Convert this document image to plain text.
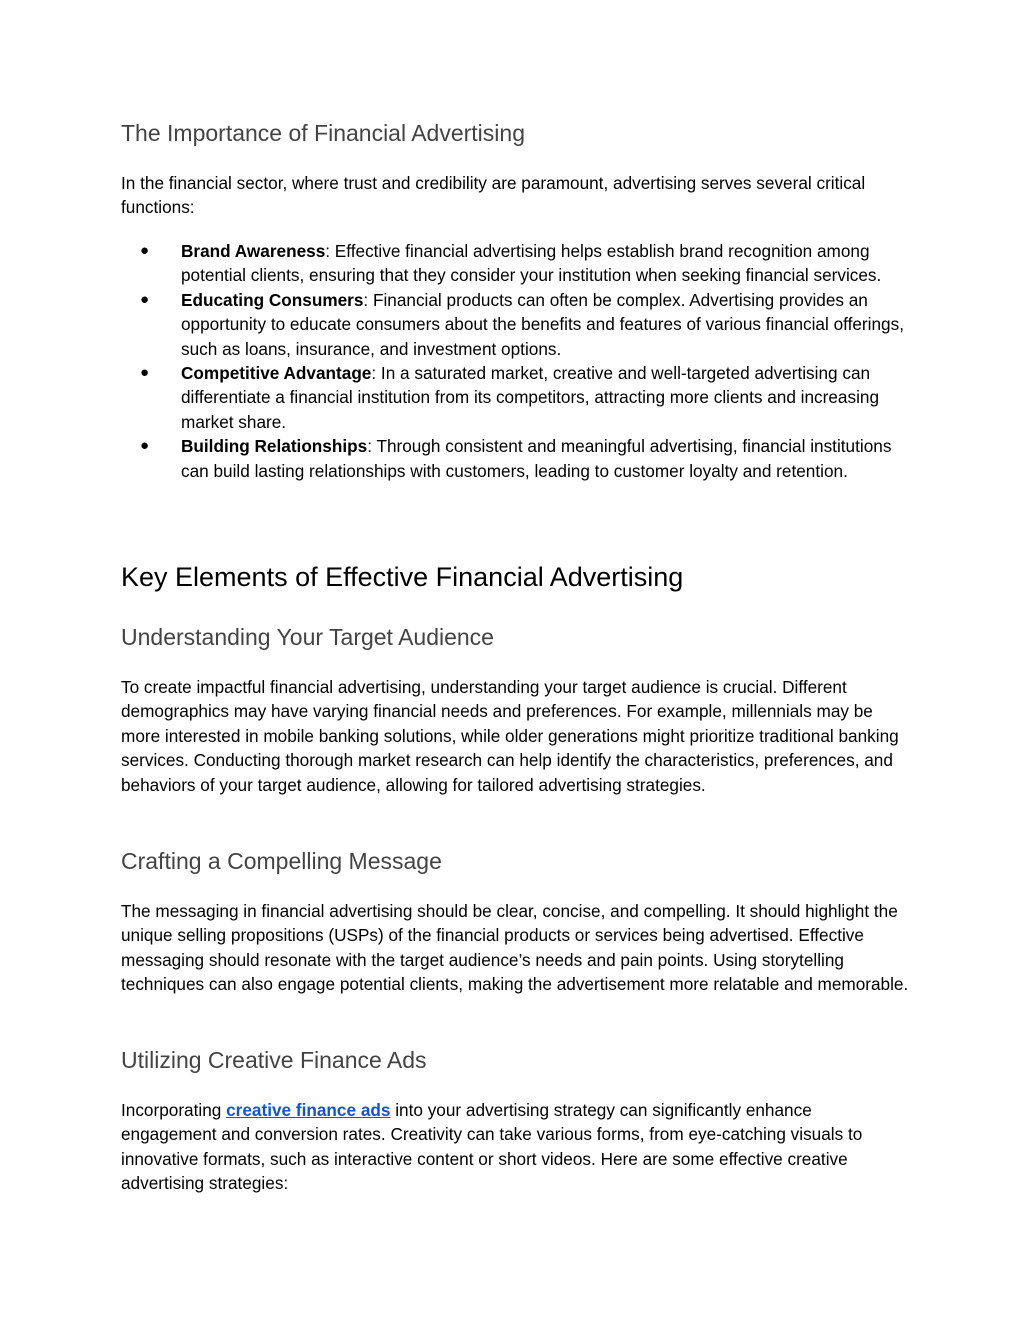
The Importance of Financial Advertising

In the financial sector, where trust and credibility are paramount, advertising serves several critical functions:

● Brand Awareness: Effective financial advertising helps establish brand recognition among potential clients, ensuring that they consider your institution when seeking financial services.
● Educating Consumers: Financial products can often be complex. Advertising provides an opportunity to educate consumers about the benefits and features of various financial offerings, such as loans, insurance, and investment options.
● Competitive Advantage: In a saturated market, creative and well-targeted advertising can differentiate a financial institution from its competitors, attracting more clients and increasing market share.
● Building Relationships: Through consistent and meaningful advertising, financial institutions can build lasting relationships with customers, leading to customer loyalty and retention.
Key Elements of Effective Financial Advertising
Understanding Your Target Audience

To create impactful financial advertising, understanding your target audience is crucial. Different demographics may have varying financial needs and preferences. For example, millennials may be more interested in mobile banking solutions, while older generations might prioritize traditional banking services. Conducting thorough market research can help identify the characteristics, preferences, and behaviors of your target audience, allowing for tailored advertising strategies.

Crafting a Compelling Message

The messaging in financial advertising should be clear, concise, and compelling. It should highlight the unique selling propositions (USPs) of the financial products or services being advertised. Effective messaging should resonate with the target audience’s needs and pain points. Using storytelling techniques can also engage potential clients, making the advertisement more relatable and memorable.

Utilizing Creative Finance Ads

Incorporating creative finance ads into your advertising strategy can significantly enhance engagement and conversion rates. Creativity can take various forms, from eye-catching visuals to innovative formats, such as interactive content or short videos. Here are some effective creative advertising strategies:
